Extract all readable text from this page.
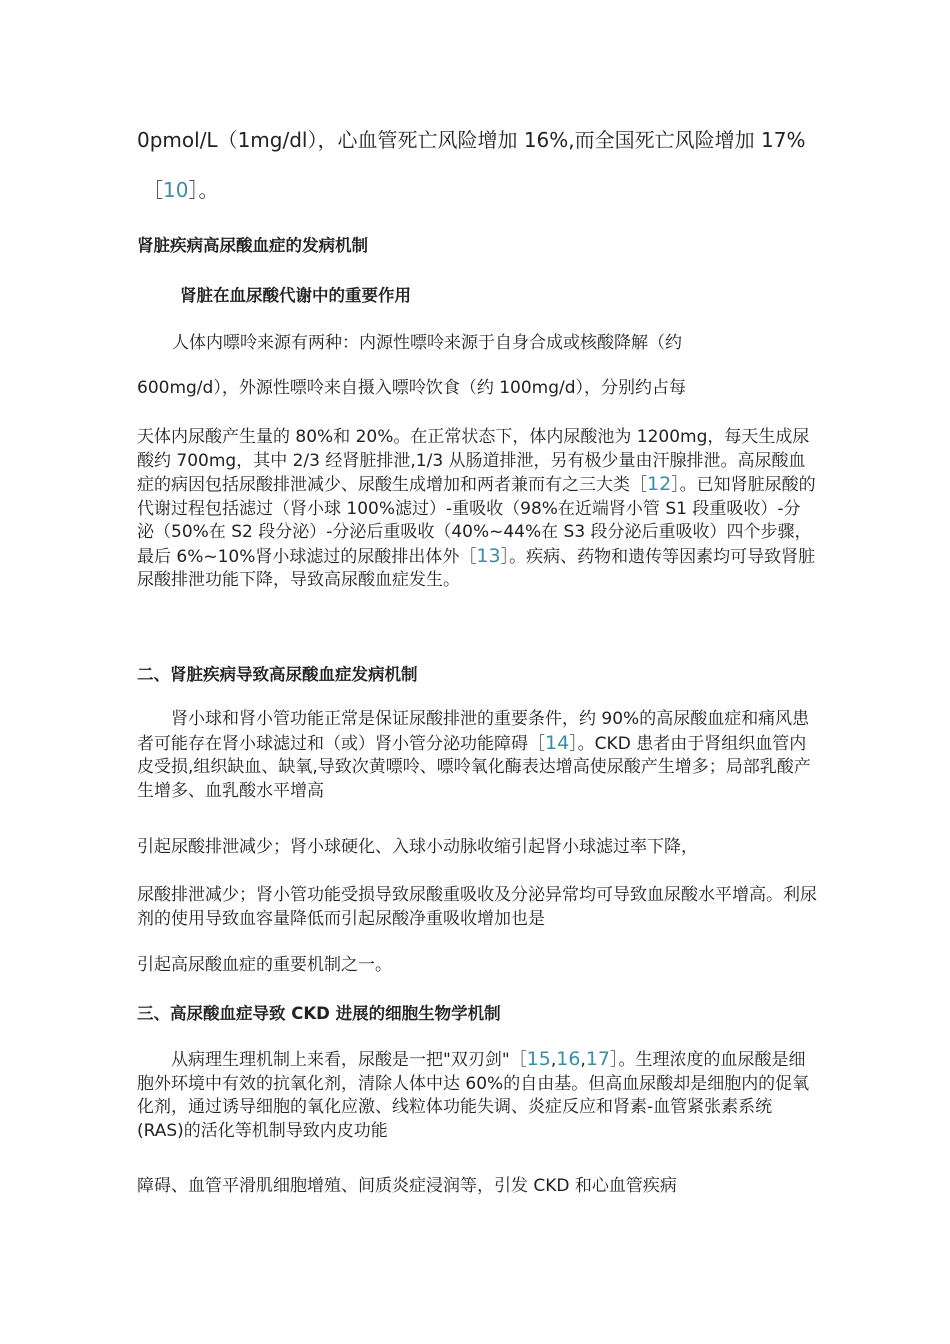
0pmol/L（1mg/dl），心血管死亡风险增加 16%,而全国死亡风险增加 17%
［10］。
肾脏疾病高尿酸血症的发病机制
肾脏在血尿酸代谢中的重要作用
人体内嘌呤来源有两种：内源性嘌呤来源于自身合成或核酸降解（约
600mg/d），外源性嘌呤来自摄入嘌呤饮食（约 100mg/d），分别约占每

天体内尿酸产生量的 80%和 20%。在正常状态下，体内尿酸池为 1200mg，每天生成尿酸约 700mg，其中 2/3 经肾脏排泄,1/3 从肠道排泄，另有极少量由汗腺排泄。高尿酸血症的病因包括尿酸排泄减少、尿酸生成增加和两者兼而有之三大类［12］。已知肾脏尿酸的代谢过程包括滤过（肾小球 100%滤过）-重吸收（98%在近端肾小管 S1 段重吸收）-分泌（50%在 S2 段分泌）-分泌后重吸收（40%~44%在 S3 段分泌后重吸收）四个步骤，最后 6%~10%肾小球滤过的尿酸排出体外［13］。疾病、药物和遗传等因素均可导致肾脏尿酸排泄功能下降，导致高尿酸血症发生。

二、肾脏疾病导致高尿酸血症发病机制

肾小球和肾小管功能正常是保证尿酸排泄的重要条件，约 90%的高尿酸血症和痛风患者可能存在肾小球滤过和（或）肾小管分泌功能障碍［14］。CKD 患者由于肾组织血管内皮受损,组织缺血、缺氧,导致次黄嘌呤、嘌呤氧化酶表达增高使尿酸产生增多；局部乳酸产生增多、血乳酸水平增高

引起尿酸排泄减少；肾小球硬化、入球小动脉收缩引起肾小球滤过率下降，

尿酸排泄减少；肾小管功能受损导致尿酸重吸收及分泌异常均可导致血尿酸水平增高。利尿剂的使用导致血容量降低而引起尿酸净重吸收增加也是

引起高尿酸血症的重要机制之一。
三、高尿酸血症导致 CKD 进展的细胞生物学机制

从病理生理机制上来看，尿酸是一把"双刃剑"［15,16,17］。生理浓度的血尿酸是细胞外环境中有效的抗氧化剂，清除人体中达 60%的自由基。但高血尿酸却是细胞内的促氧化剂，通过诱导细胞的氧化应激、线粒体功能失调、炎症反应和肾素-血管紧张素系统(RAS)的活化等机制导致内皮功能

障碍、血管平滑肌细胞增殖、间质炎症浸润等，引发 CKD 和心血管疾病
